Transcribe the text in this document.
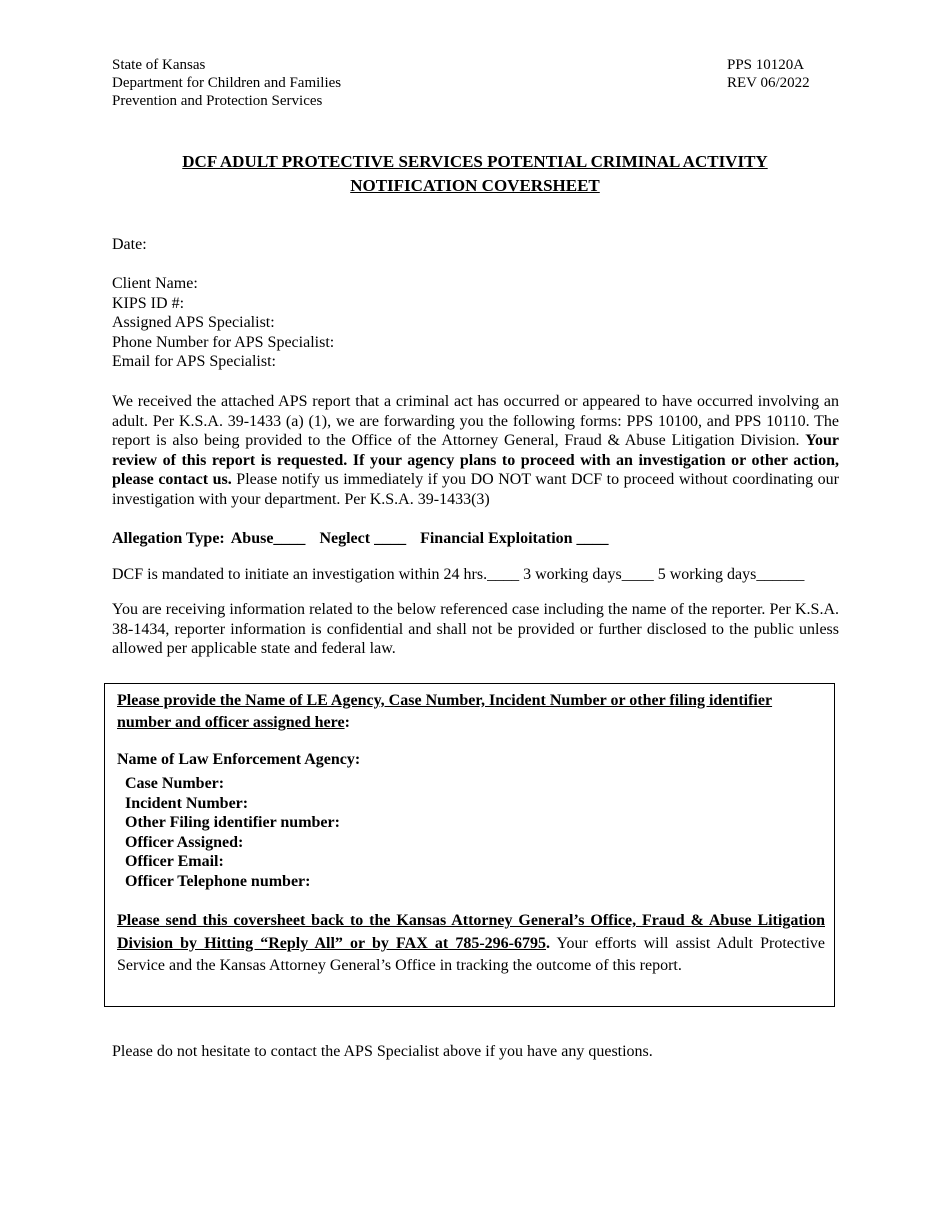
State of Kansas
Department for Children and Families
Prevention and Protection Services
PPS 10120A
REV 06/2022
DCF ADULT PROTECTIVE SERVICES POTENTIAL CRIMINAL ACTIVITY
NOTIFICATION COVERSHEET
Date:
Client Name:
KIPS ID #:
Assigned APS Specialist:
Phone Number for APS Specialist:
Email for APS Specialist:
We received the attached APS report that a criminal act has occurred or appeared to have occurred involving an adult. Per K.S.A. 39-1433 (a) (1), we are forwarding you the following forms: PPS 10100, and PPS 10110. The report is also being provided to the Office of the Attorney General, Fraud & Abuse Litigation Division. Your review of this report is requested. If your agency plans to proceed with an investigation or other action, please contact us. Please notify us immediately if you DO NOT want DCF to proceed without coordinating our investigation with your department. Per K.S.A. 39-1433(3)
Allegation Type: Abuse____ Neglect ____ Financial Exploitation ____
DCF is mandated to initiate an investigation within 24 hrs.____ 3 working days____ 5 working days______
You are receiving information related to the below referenced case including the name of the reporter. Per K.S.A. 38-1434, reporter information is confidential and shall not be provided or further disclosed to the public unless allowed per applicable state and federal law.
Please provide the Name of LE Agency, Case Number, Incident Number or other filing identifier number and officer assigned here:
Name of Law Enforcement Agency:
Case Number:
Incident Number:
Other Filing identifier number:
Officer Assigned:
Officer Email:
Officer Telephone number:
Please send this coversheet back to the Kansas Attorney General’s Office, Fraud & Abuse Litigation Division by Hitting “Reply All” or by FAX at 785-296-6795. Your efforts will assist Adult Protective Service and the Kansas Attorney General’s Office in tracking the outcome of this report.
Please do not hesitate to contact the APS Specialist above if you have any questions.
